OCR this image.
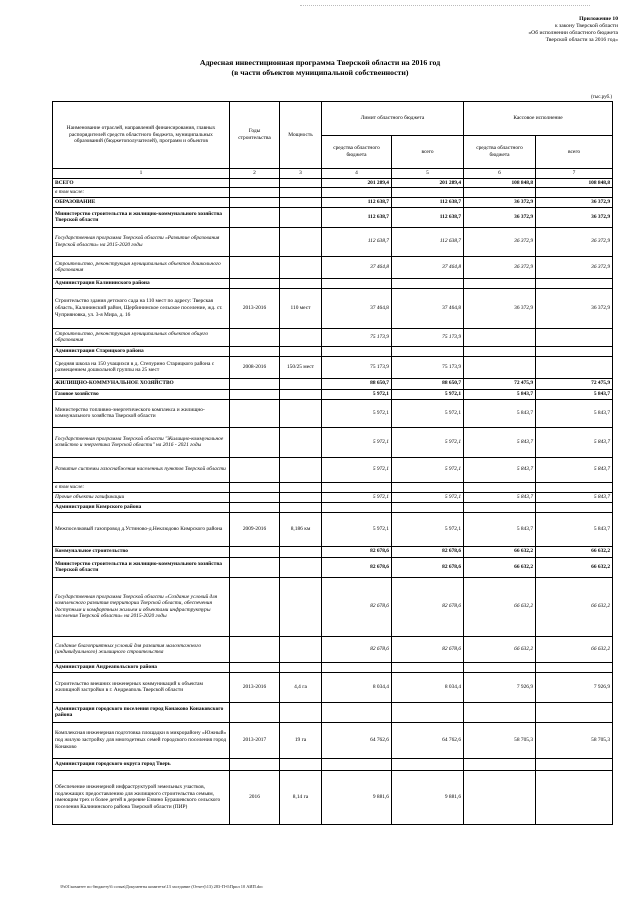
Приложение 10
к закону Тверской области
«Об исполнении областного бюджета
Тверской области за 2016 год»
Адресная инвестиционная программа Тверской области на 2016 год
(в части объектов муниципальной собственности)
(тыс.руб.)
Наименование отраслей, направлений финансирования, главных распорядителей средств областного бюджета, муниципальных образований (бюджетополучателей), программ и объектов	Годы строительства	Мощность	Лимит областного бюджета		Кассовое исполнение	
			средства областного бюджета	всего	средства областного бюджета	всего
1	2	3	4	5	6	7
ВСЕГО			201 289,4	201 289,4	108 848,8	108 848,8
в том числе:						
ОБРАЗОВАНИЕ			112 638,7	112 638,7	36 372,9	36 372,9
Министерство строительства и жилищно-коммунального хозяйства Тверской области			112 638,7	112 638,7	36 372,9	36 372,9
Государственная программа Тверской области «Развитие образования Тверской области» на 2015-2020 годы			112 638,7	112 638,7	36 372,9	36 372,9
Строительство, реконструкция муниципальных объектов дошкольного образования			37 464,8	37 464,8	36 372,9	36 372,9
Администрация Калининского района						
Строительство здания детского сада на 110 мест по адресу: Тверская область, Калининский район, Щербининское сельское поселение, жд. ст. Чуприяновка, ул. 3-я Мира, д. 16	2013-2016	110 мест	37 464,8	37 464,8	36 372,9	36 372,9
Строительство, реконструкция муниципальных объектов общего образования			75 173,9	75 173,9		
Администрация Старицкого района						
Средняя школа на 150 учащихся в д. Степурино Старицкого района с размещением дошкольной группы на 25 мест	2008-2016	150/25 мест	75 173,9	75 173,9		
ЖИЛИЩНО-КОММУНАЛЬНОЕ ХОЗЯЙСТВО			88 650,7	88 650,7	72 475,9	72 475,9
Газовое хозяйство			5 972,1	5 972,1	5 843,7	5 843,7
Министерство топливно-энергетического комплекса и жилищно-коммунального хозяйства Тверской области			5 972,1	5 972,1	5 843,7	5 843,7
Государственная программа Тверской области "Жилищно-коммунальное хозяйство и энергетика Тверской области" на 2016 - 2021 годы			5 972,1	5 972,1	5 843,7	5 843,7
Развитие системы газоснабжения населенных пунктов Тверской области			5 972,1	5 972,1	5 843,7	5 843,7
в том числе:						
Прочие объекты газификации			5 972,1	5 972,1	5 843,7	5 843,7
Администрация Кимрского района						
Межпоселковый газопровод д.Устиново-д.Неклюдово Кимрского района	2009-2016	8,186 км	5 972,1	5 972,1	5 843,7	5 843,7
Коммунальное строительство			82 678,6	82 678,6	66 632,2	66 632,2
Министерство строительства и жилищно-коммунального хозяйства Тверской области			82 678,6	82 678,6	66 632,2	66 632,2
Государственная программа Тверской области «Создание условий для комплексного развития территории Тверской области, обеспечения доступным и комфортным жильем и объектами инфраструктуры населения Тверской области» на 2015-2020 годы			82 678,6	82 678,6	66 632,2	66 632,2
Создание благоприятных условий для развития малоэтажного (индивидуального) жилищного строительства			82 678,6	82 678,6	66 632,2	66 632,2
Администрация Андреапольского района						
Строительство внешних инженерных коммуникаций к объектам жилищной застройки в г. Андреаполь Тверской области	2013-2016	4,4 га	8 034,4	8 034,4	7 926,9	7 926,9
Администрация городского поселения город Конаково Конаковского района						
Комплексная инженерная подготовка площадки в микрорайону «Южный» под жилую застройку для многодетных семей городского поселения город Конаково	2013-2017	19 га	64 762,6	64 762,6	58 705,3	58 705,3
Администрация городского округа город Тверь						
Обеспечение инженерной инфраструктурой земельных участков, подлежащих предоставлению для жилищного строительства семьям, имеющим трех и более детей в деревне Езвино Бурашевского сельского поселения Калининского района Тверской области (ПИР)	2016	8,14 га	9 881,6	9 881,6		
\Fs01\комитет по бюджету\6 созыв\Документы комитета\13 заседание (Отчет)\13) 283-П-6\Прил 10 АИП.doc
